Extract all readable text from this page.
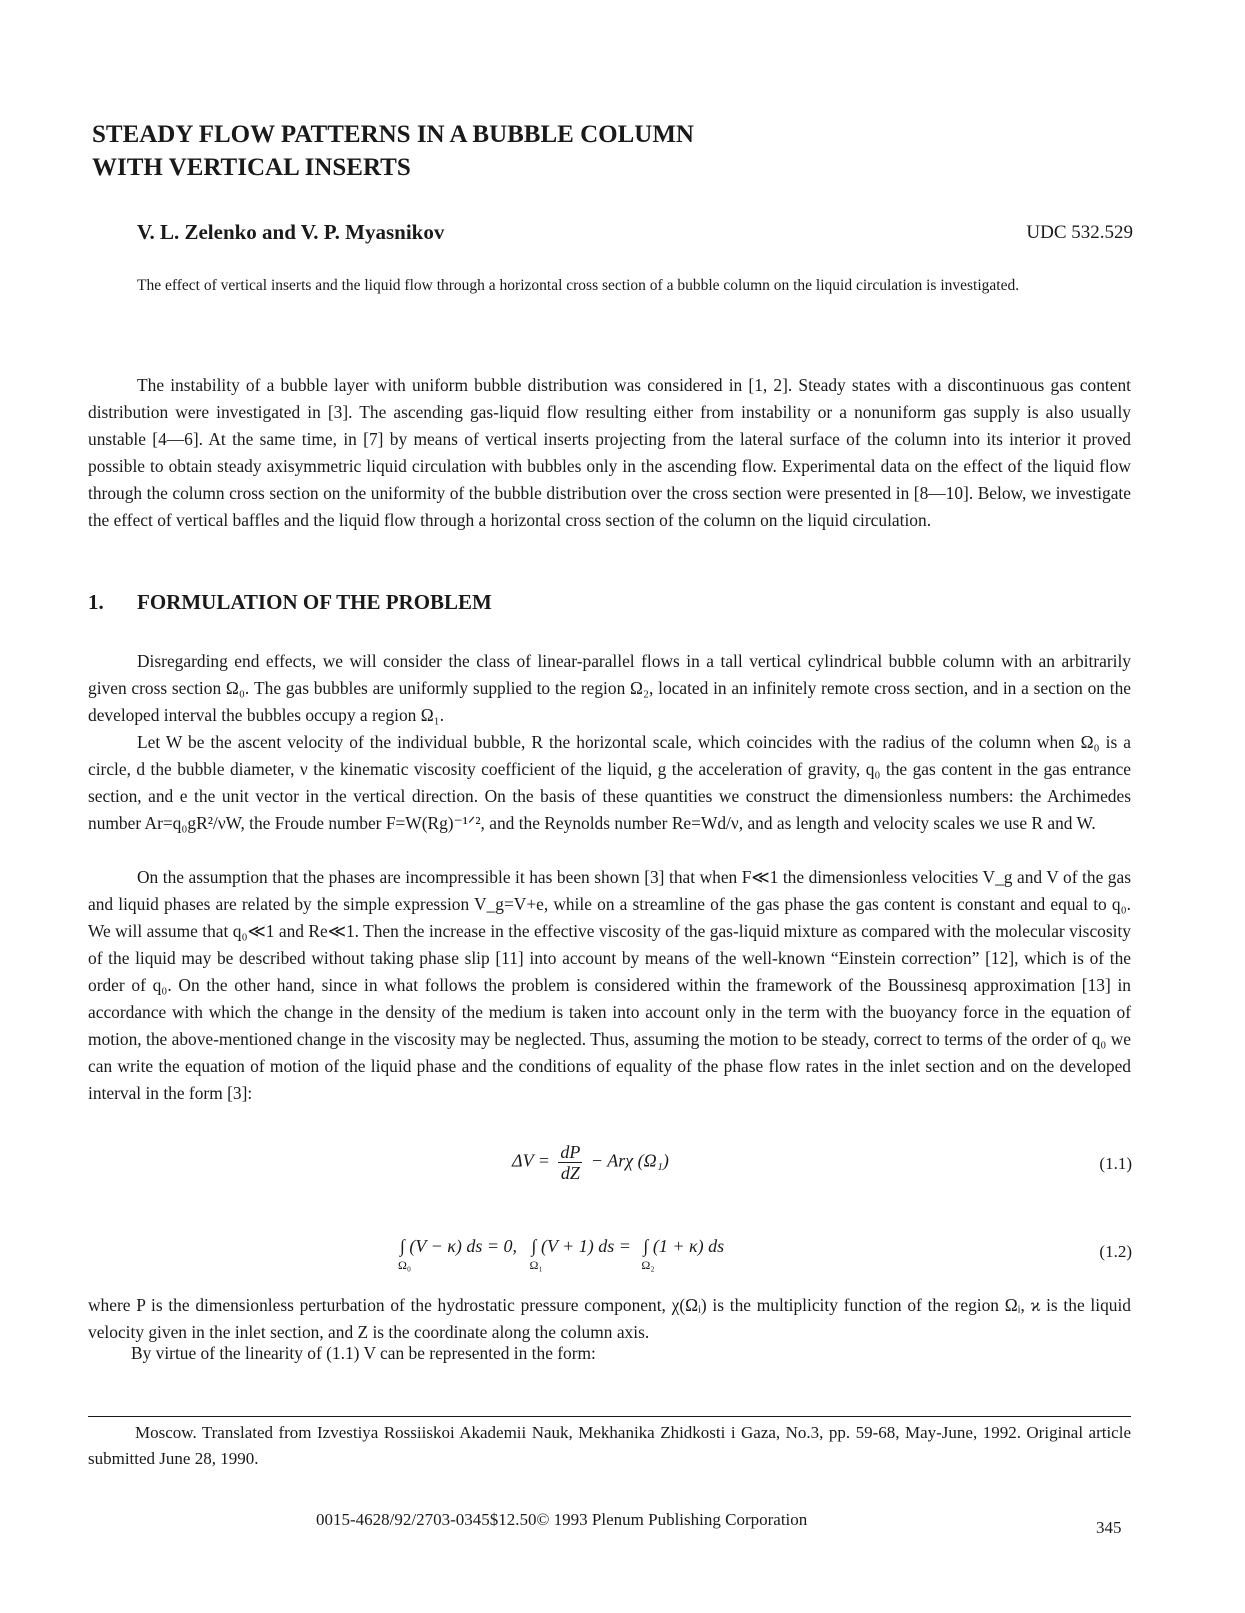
STEADY FLOW PATTERNS IN A BUBBLE COLUMN
WITH VERTICAL INSERTS
V. L. Zelenko and V. P. Myasnikov	UDC 532.529

The effect of vertical inserts and the liquid flow through a horizontal cross section of a bubble column on the liquid circulation is investigated.

The instability of a bubble layer with uniform bubble distribution was considered in [1, 2]. Steady states with a discontinuous gas content distribution were investigated in [3]. The ascending gas-liquid flow resulting either from instability or a nonuniform gas supply is also usually unstable [4—6]. At the same time, in [7] by means of vertical inserts projecting from the lateral surface of the column into its interior it proved possible to obtain steady axisymmetric liquid circulation with bubbles only in the ascending flow. Experimental data on the effect of the liquid flow through the column cross section on the uniformity of the bubble distribution over the cross section were presented in [8—10]. Below, we investigate the effect of vertical baffles and the liquid flow through a horizontal cross section of the column on the liquid circulation.

1. FORMULATION OF THE PROBLEM

Disregarding end effects, we will consider the class of linear-parallel flows in a tall vertical cylindrical bubble column with an arbitrarily given cross section Ω₀. The gas bubbles are uniformly supplied to the region Ω₂, located in an infinitely remote cross section, and in a section on the developed interval the bubbles occupy a region Ω₁.

Let W be the ascent velocity of the individual bubble, R the horizontal scale, which coincides with the radius of the column when Ω₀ is a circle, d the bubble diameter, ν the kinematic viscosity coefficient of the liquid, g the acceleration of gravity, q₀ the gas content in the gas entrance section, and e the unit vector in the vertical direction. On the basis of these quantities we construct the dimensionless numbers: the Archimedes number Ar=q₀gR²/νW, the Froude number F=W(Rg)⁻¹ᐟ², and the Reynolds number Re=Wd/ν, and as length and velocity scales we use R and W.

On the assumption that the phases are incompressible it has been shown [3] that when F≪1 the dimensionless velocities V_g and V of the gas and liquid phases are related by the simple expression V_g=V+e, while on a streamline of the gas phase the gas content is constant and equal to q₀. We will assume that q₀≪1 and Re≪1. Then the increase in the effective viscosity of the gas-liquid mixture as compared with the molecular viscosity of the liquid may be described without taking phase slip [11] into account by means of the well-known “Einstein correction” [12], which is of the order of q₀. On the other hand, since in what follows the problem is considered within the framework of the Boussinesq approximation [13] in accordance with which the change in the density of the medium is taken into account only in the term with the buoyancy force in the equation of motion, the above-mentioned change in the viscosity may be neglected. Thus, assuming the motion to be steady, correct to terms of the order of q₀ we can write the equation of motion of the liquid phase and the conditions of equality of the phase flow rates in the inlet section and on the developed interval in the form [3]:

$\Delta V = \frac{dP}{dZ} - Ar\chi$ (Ω₁)	(1.1)
∫ (V − κ) ds = 0,
Ω₀
∫ (V + 1) ds =
Ω₁
∫ (1 + κ) ds
Ω₂
(1.2)

where P is the dimensionless perturbation of the hydrostatic pressure component, χ(Ωᵢ) is the multiplicity function of the region Ωᵢ, ϰ is the liquid velocity given in the inlet section, and Z is the coordinate along the column axis.

By virtue of the linearity of (1.1) V can be represented in the form:

Moscow. Translated from Izvestiya Rossiiskoi Akademii Nauk, Mekhanika Zhidkosti i Gaza, No.3, pp. 59-68, May-June, 1992. Original article submitted June 28, 1990.

0015-4628/92/2703-0345$12.50© 1993 Plenum Publishing Corporation	345
